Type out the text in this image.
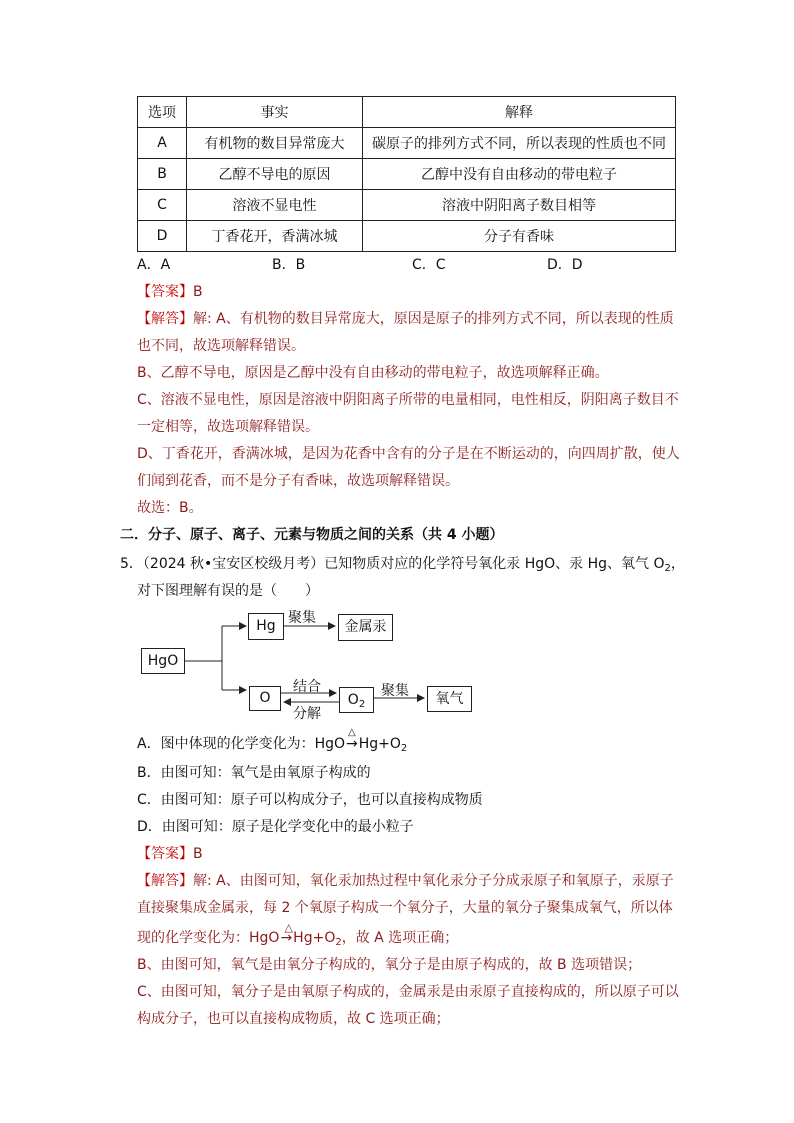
选项	事实	解释
A	有机物的数目异常庞大	碳原子的排列方式不同，所以表现的性质也不同
B	乙醇不导电的原因	乙醇中没有自由移动的带电粒子
C	溶液不显电性	溶液中阴阳离子数目相等
D	丁香花开，香满冰城	分子有香味
A．A	B．B	C．C	D．D
【答案】B
【解答】解: A、有机物的数目异常庞大，原因是原子的排列方式不同，所以表现的性质
也不同，故选项解释错误。
B、乙醇不导电，原因是乙醇中没有自由移动的带电粒子，故选项解释正确。
C、溶液不显电性，原因是溶液中阴阳离子所带的电量相同，电性相反，阴阳离子数目不
一定相等，故选项解释错误。
D、丁香花开，香满冰城，是因为花香中含有的分子是在不断运动的，向四周扩散，使人
们闻到花香，而不是分子有香味，故选项解释错误。
故选：B。
二．分子、原子、离子、元素与物质之间的关系（共 4 小题）
5．（2024 秋•宝安区校级月考）已知物质对应的化学符号氧化汞 HgO、汞 Hg、氧气 $O_2$，
对下图理解有误的是（　　）
HgO
Hg 聚集
金属汞
O
结合
分解
$O_2$
聚集	氧气
A．图中体现的化学变化为：HgO
△
$\to Hg+O_2$
B．由图可知：氧气是由氧原子构成的
C．由图可知：原子可以构成分子，也可以直接构成物质
D．由图可知：原子是化学变化中的最小粒子
【答案】B
【解答】解: A、由图可知，氧化汞加热过程中氧化汞分子分成汞原子和氧原子，汞原子
直接聚集成金属汞，每 2 个氧原子构成一个氧分子，大量的氧分子聚集成氧气，所以体
现的化学变化为：HgO
△
$\to Hg+O_2$，故 A 选项正确；
B、由图可知，氧气是由氧分子构成的，氧分子是由原子构成的，故 B 选项错误；
C、由图可知，氧分子是由氧原子构成的，金属汞是由汞原子直接构成的，所以原子可以
构成分子，也可以直接构成物质，故 C 选项正确；
